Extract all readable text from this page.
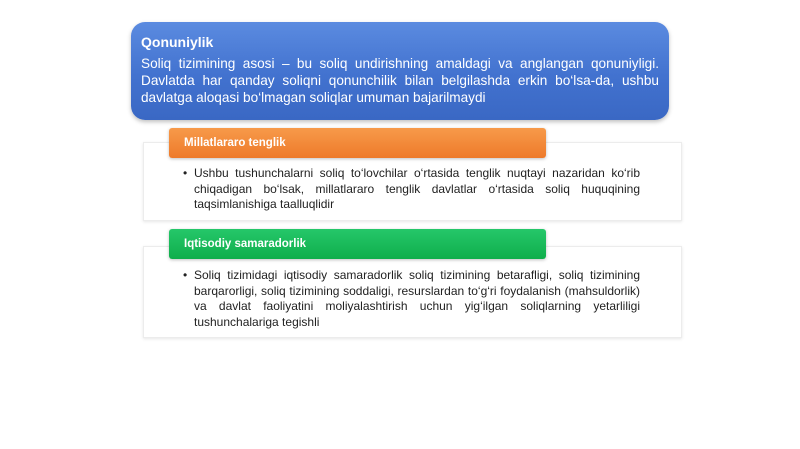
Qonuniylik
Soliq tizimining asosi – bu soliq undirishning amaldagi va anglangan qonuniyligi. Davlatda har qanday soliqni qonunchilik bilan belgilashda erkin bo‘lsa-da, ushbu davlatga aloqasi bo‘lmagan soliqlar umuman bajarilmaydi
Millatlararo tenglik
• Ushbu tushunchalarni soliq to‘lovchilar o‘rtasida tenglik nuqtayi nazaridan ko‘rib chiqadigan bo‘lsak, millatlararo tenglik davlatlar o‘rtasida soliq huquqining taqsimlanishiga taalluqlidir
Iqtisodiy samaradorlik
• Soliq tizimidagi iqtisodiy samaradorlik soliq tizimining betarafligi, soliq tizimining barqarorligi, soliq tizimining soddaligi, resurslardan to‘g‘ri foydalanish (mahsuldorlik) va davlat faoliyatini moliyalashtirish uchun yig‘ilgan soliqlarning yetarliligi tushunchalariga tegishli
